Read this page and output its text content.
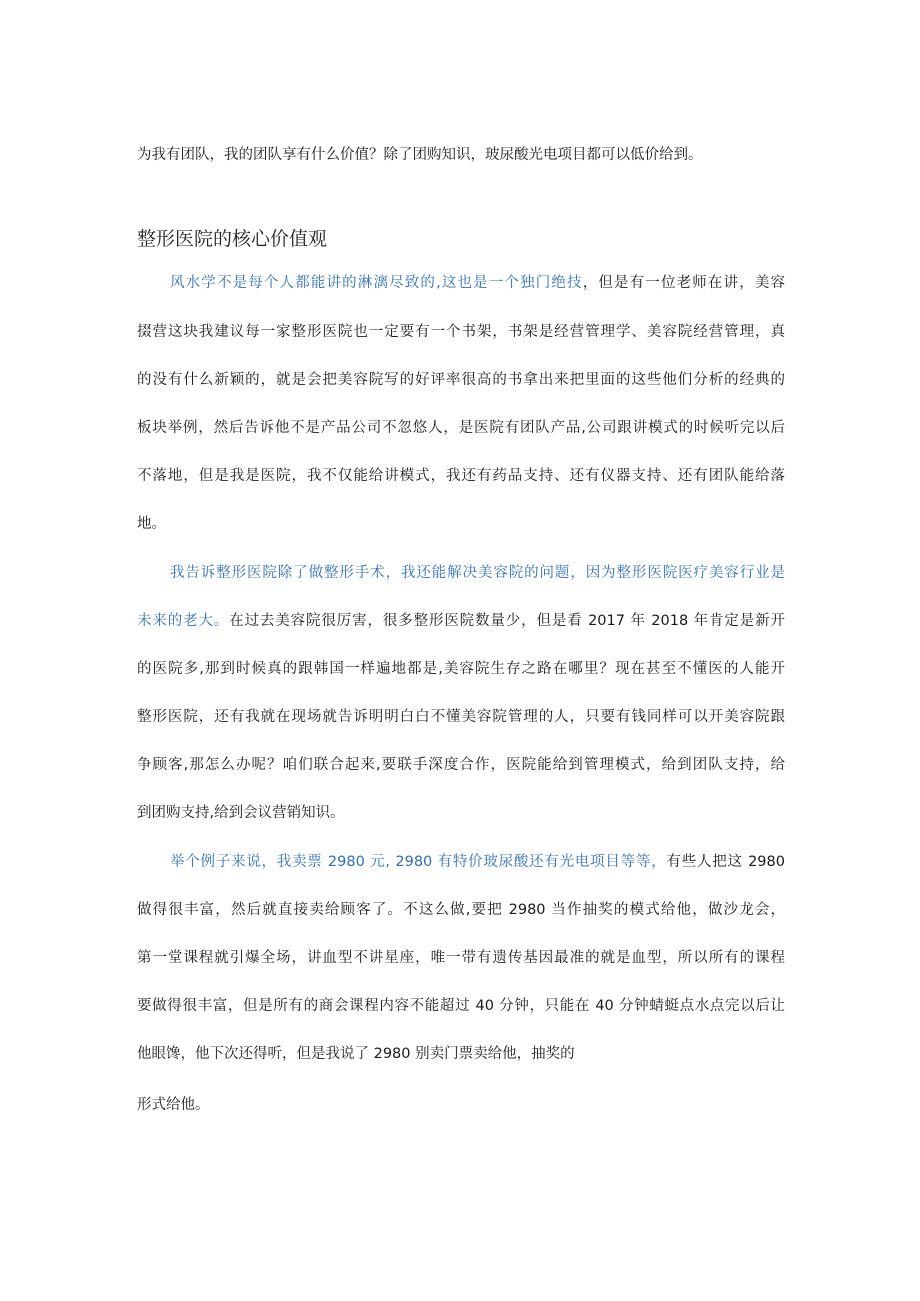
为我有团队，我的团队享有什么价值？除了团购知识，玻尿酸光电项目都可以低价给到。
整形医院的核心价值观
风水学不是每个人都能讲的淋漓尽致的,这也是一个独门绝技，但是有一位老师在讲，美容
掇营这块我建议每一家整形医院也一定要有一个书架，书架是经营管理学、美容院经营管理，真
的没有什么新颖的，就是会把美容院写的好评率很高的书拿出来把里面的这些他们分析的经典的
板块举例，然后告诉他不是产品公司不忽悠人，是医院有团队产品,公司跟讲模式的时候听完以后
不落地，但是我是医院，我不仅能给讲模式，我还有药品支持、还有仪器支持、还有团队能给落
地。
我告诉整形医院除了做整形手术，我还能解决美容院的问题，因为整形医院医疗美容行业是
未来的老大。在过去美容院很厉害，很多整形医院数量少，但是看 2017 年 2018 年肯定是新开
的医院多,那到时候真的跟韩国一样遍地都是,美容院生存之路在哪里？现在甚至不懂医的人能开
整形医院，还有我就在现场就告诉明明白白不懂美容院管理的人，只要有钱同样可以开美容院跟
争顾客,那怎么办呢？咱们联合起来,要联手深度合作，医院能给到管理模式，给到团队支持，给
到团购支持,给到会议营销知识。
举个例子来说，我卖票 2980 元, 2980 有特价玻尿酸还有光电项目等等，有些人把这 2980
做得很丰富，然后就直接卖给顾客了。不这么做,要把 2980 当作抽奖的模式给他，做沙龙会，
第一堂课程就引爆全场，讲血型不讲星座，唯一带有遗传基因最准的就是血型，所以所有的课程
要做得很丰富，但是所有的商会课程内容不能超过 40 分钟，只能在 40 分钟蜻蜓点水点完以后让
他眼馋，他下次还得听，但是我说了 2980 别卖门票卖给他，抽奖的
形式给他。
